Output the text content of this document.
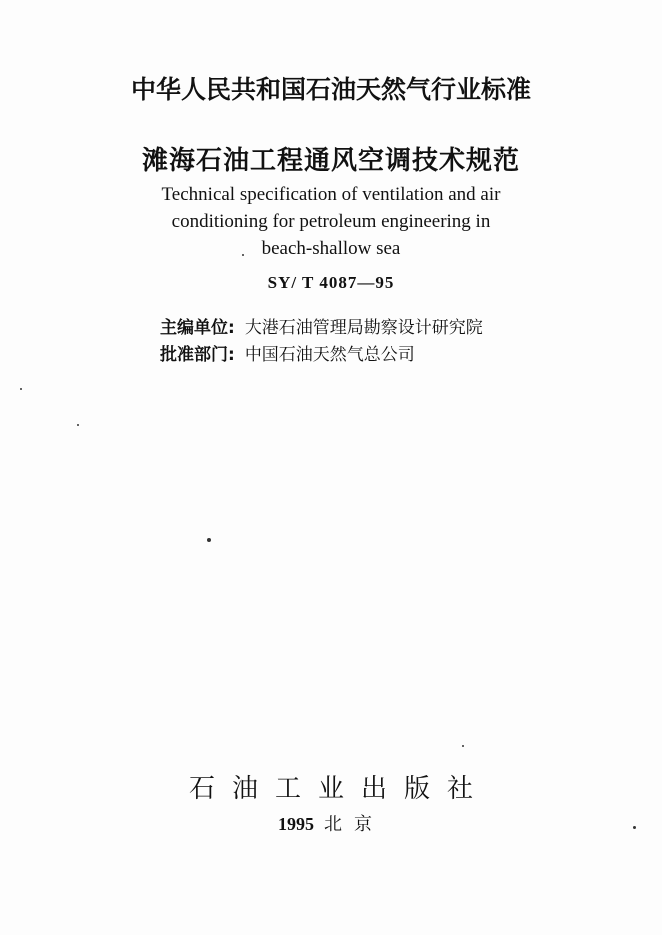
中华人民共和国石油天然气行业标准
滩海石油工程通风空调技术规范
Technical specification of ventilation and air
conditioning for petroleum engineering in
beach-shallow sea
SY/ T 4087—95
主编单位: 大港石油管理局勘察设计研究院
批准部门: 中国石油天然气总公司
石油工业出版社
1995 北京
